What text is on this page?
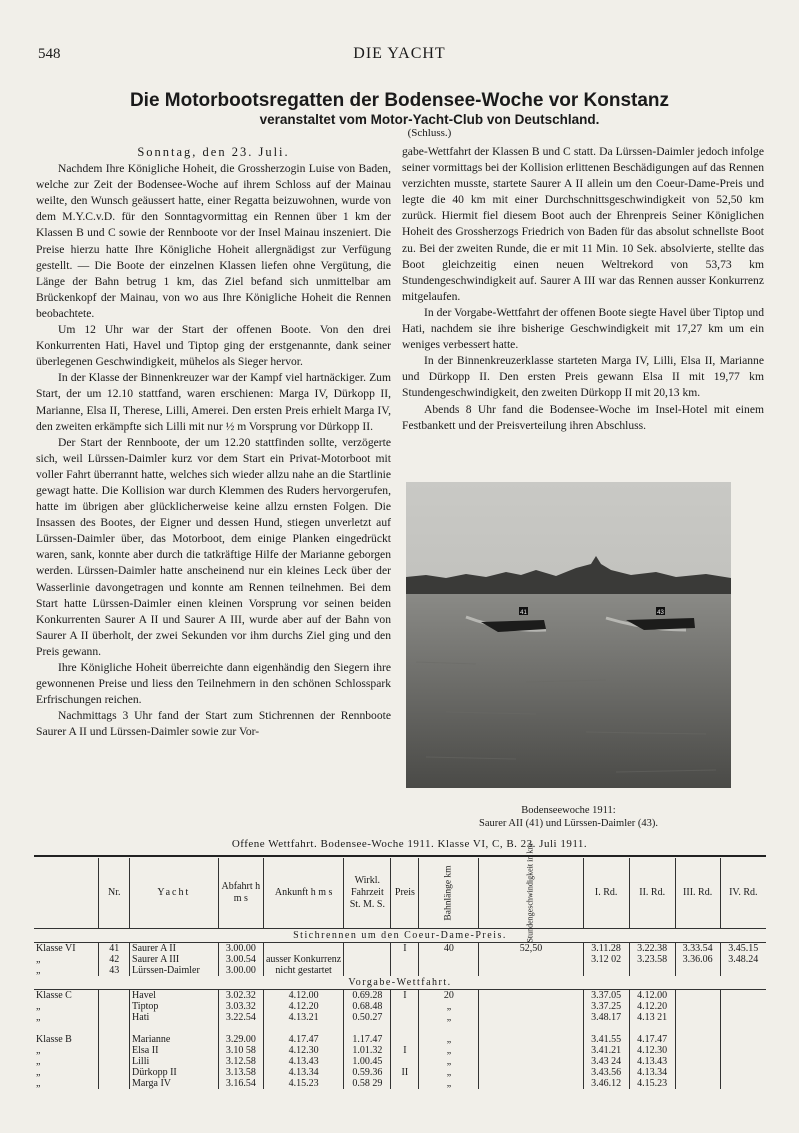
548	DIE YACHT
Die Motorbootsregatten der Bodensee-Woche vor Konstanz
veranstaltet vom Motor-Yacht-Club von Deutschland.
(Schluss.)

Sonntag, den 23. Juli.

Nachdem Ihre Königliche Hoheit, die Grossherzogin Luise von Baden, welche zur Zeit der Bodensee-Woche auf ihrem Schloss auf der Mainau weilte, den Wunsch geäussert hatte, einer Regatta beizuwohnen, wurde von dem M.Y.C.v.D. für den Sonntagvormittag ein Rennen über 1 km der Klassen B und C sowie der Rennboote vor der Insel Mainau inszeniert. Die Preise hierzu hatte Ihre Königliche Hoheit allergnädigst zur Verfügung gestellt. — Die Boote der einzelnen Klassen liefen ohne Vergütung, die Länge der Bahn betrug 1 km, das Ziel befand sich unmittelbar am Brückenkopf der Mainau, von wo aus Ihre Königliche Hoheit die Rennen beobachtete.

Um 12 Uhr war der Start der offenen Boote. Von den drei Konkurrenten Hati, Havel und Tiptop ging der erstgenannte, dank seiner überlegenen Geschwindigkeit, mühelos als Sieger hervor.

In der Klasse der Binnenkreuzer war der Kampf viel hartnäckiger. Zum Start, der um 12.10 stattfand, waren erschienen: Marga IV, Dürkopp II, Marianne, Elsa II, Therese, Lilli, Amerei. Den ersten Preis erhielt Marga IV, den zweiten erkämpfte sich Lilli mit nur ½ m Vorsprung vor Dürkopp II.

Der Start der Rennboote, der um 12.20 stattfinden sollte, verzögerte sich, weil Lürssen-Daimler kurz vor dem Start ein Privat-Motorboot mit voller Fahrt überrannt hatte, welches sich wieder allzu nahe an die Startlinie gewagt hatte. Die Kollision war durch Klemmen des Ruders hervorgerufen, hatte im übrigen aber glücklicherweise keine allzu ernsten Folgen. Die Insassen des Bootes, der Eigner und dessen Hund, stiegen unverletzt auf Lürssen-Daimler über, das Motorboot, dem einige Planken eingedrückt waren, sank, konnte aber durch die tatkräftige Hilfe der Marianne geborgen werden. Lürssen-Daimler hatte anscheinend nur ein kleines Leck über der Wasserlinie davongetragen und konnte am Rennen teilnehmen. Bei dem Start hatte Lürssen-Daimler einen kleinen Vorsprung vor seinen beiden Konkurrenten Saurer A II und Saurer A III, wurde aber auf der Bahn von Saurer A II überholt, der zwei Sekunden vor ihm durchs Ziel ging und den Preis gewann.

Ihre Königliche Hoheit überreichte dann eigenhändig den Siegern ihre gewonnenen Preise und liess den Teilnehmern in den schönen Schlosspark Erfrischungen reichen.

Nachmittags 3 Uhr fand der Start zum Stichrennen der Rennboote Saurer A II und Lürssen-Daimler sowie zur Vor-

gabe-Wettfahrt der Klassen B und C statt. Da Lürssen-Daimler jedoch infolge seiner vormittags bei der Kollision erlittenen Beschädigungen auf das Rennen verzichten musste, startete Saurer A II allein um den Coeur-Dame-Preis und legte die 40 km mit einer Durchschnittsgeschwindigkeit von 52,50 km zurück. Hiermit fiel diesem Boot auch der Ehrenpreis Seiner Königlichen Hoheit des Grossherzogs Friedrich von Baden für das absolut schnellste Boot zu. Bei der zweiten Runde, die er mit 11 Min. 10 Sek. absolvierte, stellte das Boot gleichzeitig einen neuen Weltrekord von 53,73 km Stundengeschwindigkeit auf. Saurer A III war das Rennen ausser Konkurrenz mitgelaufen.

In der Vorgabe-Wettfahrt der offenen Boote siegte Havel über Tiptop und Hati, nachdem sie ihre bisherige Geschwindigkeit mit 17,27 km um ein weniges verbessert hatte.

In der Binnenkreuzerklasse starteten Marga IV, Lilli, Elsa II, Marianne und Dürkopp II. Den ersten Preis gewann Elsa II mit 19,77 km Stundengeschwindigkeit, den zweiten Dürkopp II mit 20,13 km.

Abends 8 Uhr fand die Bodensee-Woche im Insel-Hotel mit einem Festbankett und der Preisverteilung ihren Abschluss.

41	43
Bodenseewoche 1911:
Saurer AII (41) und Lürssen-Daimler (43).
Offene Wettfahrt. Bodensee-Woche 1911. Klasse VI, C, B. 23. Juli 1911.
	Nr.	Yacht	Abfahrt h m s	Ankunft h m s	Wirkl. Fahrzeit St. M. S.	Preis	Bahnlänge km	Stundengeschwindigkeit in km	I. Rd.	II. Rd.	III. Rd.	IV. Rd.
Stichrennen um den Coeur-Dame-Preis.												
Klasse VI	41	Saurer A II	3.00.00			I	40	52,50	3.11.28	3.22.38	3.33.54	3.45.15
„	42	Saurer A III	3.00.54	ausser Konkurrenz					3.12 02	3.23.58	3.36.06	3.48.24
„	43	Lürssen-Daimler	3.00.00	nicht gestartet								
Vorgabe-Wettfahrt.												
Klasse C		Havel	3.02.32	4.12.00	0.69.28	I	20		3.37.05	4.12.00		
„		Tiptop	3.03.32	4.12.20	0.68.48		„		3.37.25	4.12.20		
„		Hati	3.22.54	4.13.21	0.50.27		„		3.48.17	4.13 21		

Klasse B		Marianne	3.29.00	4.17.47	1.17.47		„		3.41.55	4.17.47		
„		Elsa II	3.10 58	4.12.30	1.01.32	I	„		3.41.21	4.12.30		
„		Lilli	3.12.58	4.13.43	1.00.45		„		3.43 24	4.13.43		
„		Dürkopp II	3.13.58	4.13.34	0.59.36	II	„		3.43.56	4.13.34		
„		Marga IV	3.16.54	4.15.23	0.58 29		„		3.46.12	4.15.23		
